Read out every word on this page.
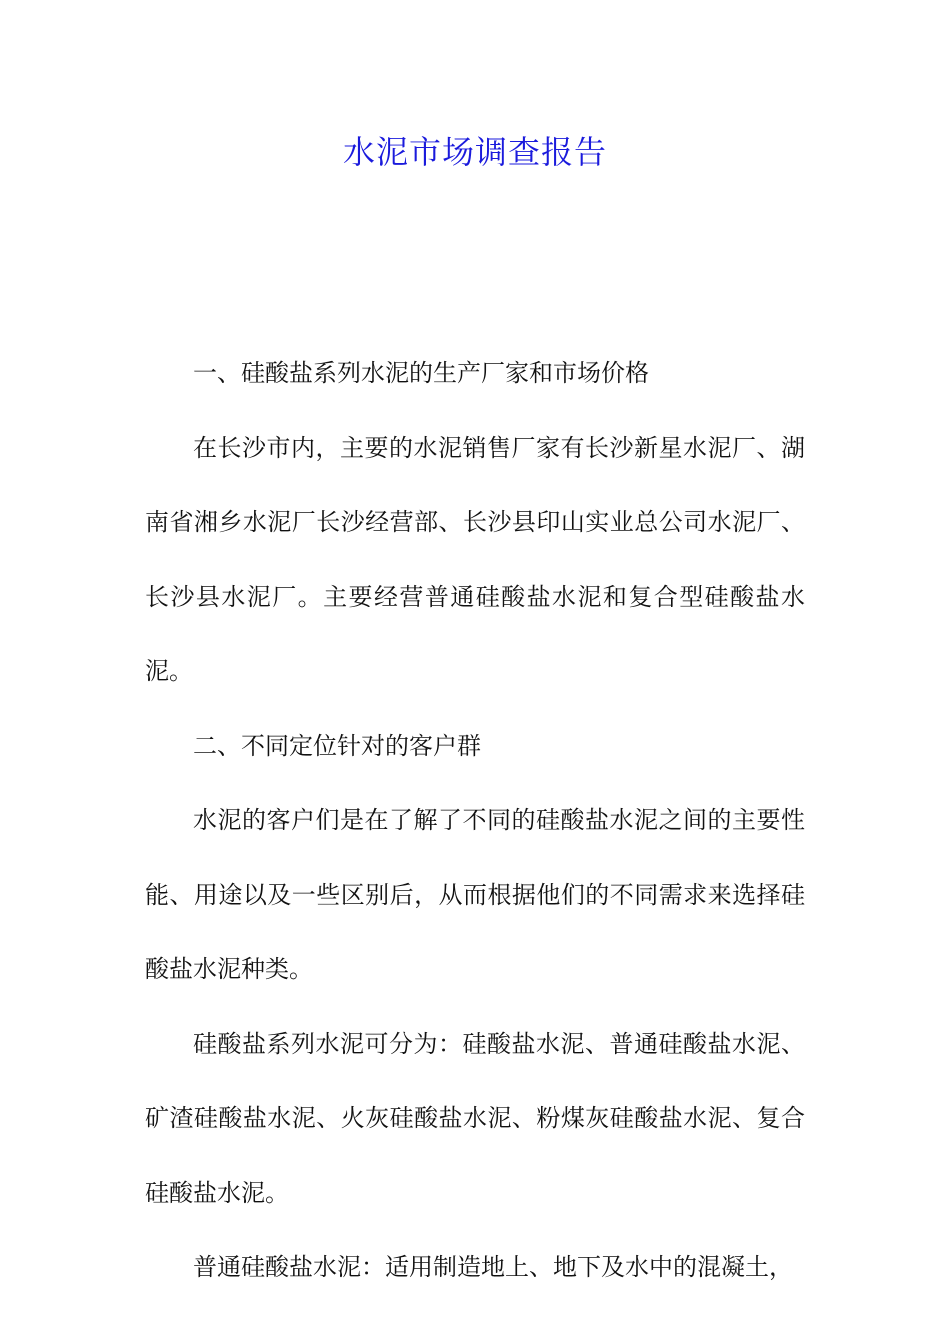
水泥市场调查报告

一、硅酸盐系列水泥的生产厂家和市场价格

在长沙市内，主要的水泥销售厂家有长沙新星水泥厂、湖南省湘乡水泥厂长沙经营部、长沙县印山实业总公司水泥厂、长沙县水泥厂。主要经营普通硅酸盐水泥和复合型硅酸盐水泥。

二、不同定位针对的客户群

水泥的客户们是在了解了不同的硅酸盐水泥之间的主要性能、用途以及一些区别后，从而根据他们的不同需求来选择硅酸盐水泥种类。

硅酸盐系列水泥可分为：硅酸盐水泥、普通硅酸盐水泥、矿渣硅酸盐水泥、火灰硅酸盐水泥、粉煤灰硅酸盐水泥、复合硅酸盐水泥。

普通硅酸盐水泥：适用制造地上、地下及水中的混凝土，
